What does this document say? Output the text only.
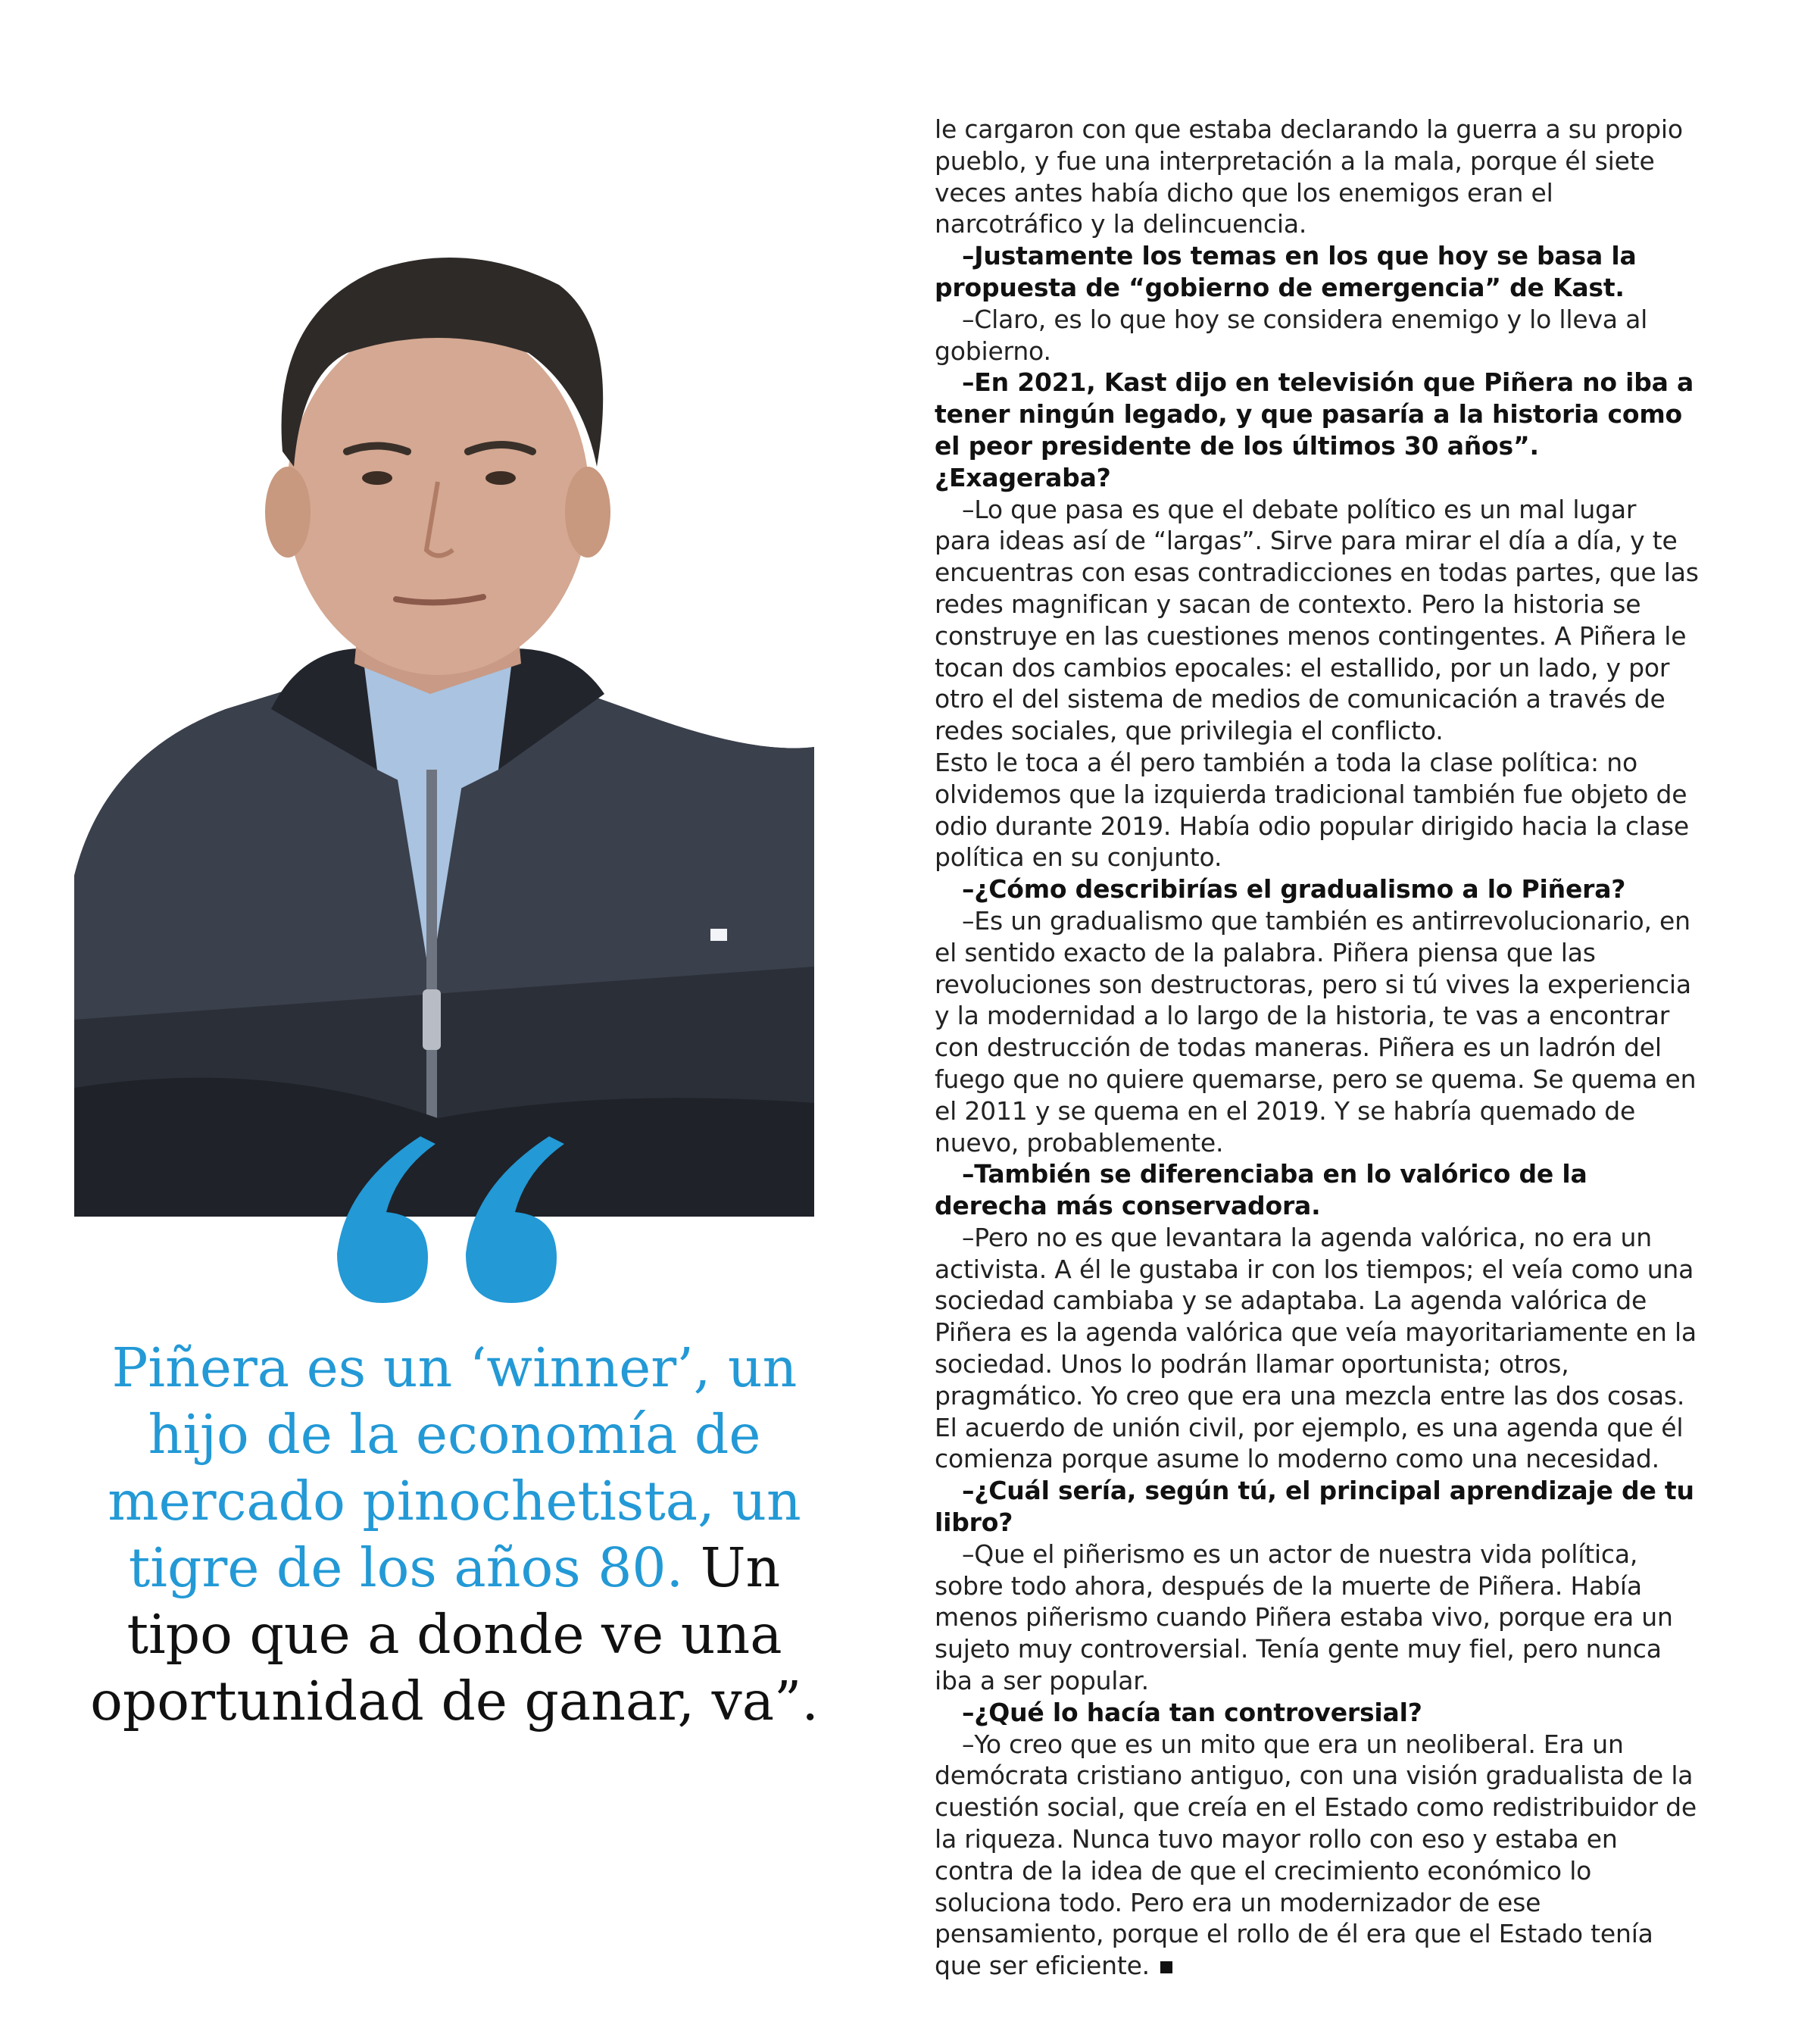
Piñera es un ‘winner’, un hijo de la economía de mercado pinochetista, un tigre de los años 80. Un tipo que a donde ve una oportunidad de ganar, va”.

le cargaron con que estaba declarando la guerra a su propio pueblo, y fue una interpretación a la mala, porque él siete veces antes había dicho que los enemigos eran el narcotráfico y la delincuencia.

–Justamente los temas en los que hoy se basa la propuesta de “gobierno de emergencia” de Kast.

–Claro, es lo que hoy se considera enemigo y lo lleva al gobierno.

–En 2021, Kast dijo en televisión que Piñera no iba a tener ningún legado, y que pasaría a la historia como el peor presidente de los últimos 30 años”. ¿Exageraba?

–Lo que pasa es que el debate político es un mal lugar para ideas así de “largas”. Sirve para mirar el día a día, y te encuentras con esas contradicciones en todas partes, que las redes magnifican y sacan de contexto. Pero la historia se construye en las cuestiones menos contingentes. A Piñera le tocan dos cambios epocales: el estallido, por un lado, y por otro el del sistema de medios de comunicación a través de redes sociales, que privilegia el conflicto.

Esto le toca a él pero también a toda la clase política: no olvidemos que la izquierda tradicional también fue objeto de odio durante 2019. Había odio popular dirigido hacia la clase política en su conjunto.

–¿Cómo describirías el gradualismo a lo Piñera?

–Es un gradualismo que también es antirrevolucionario, en el sentido exacto de la palabra. Piñera piensa que las revoluciones son destructoras, pero si tú vives la experiencia y la modernidad a lo largo de la historia, te vas a encontrar con destrucción de todas maneras. Piñera es un ladrón del fuego que no quiere quemarse, pero se quema. Se quema en el 2011 y se quema en el 2019. Y se habría quemado de nuevo, probablemente.

–También se diferenciaba en lo valórico de la derecha más conservadora.

–Pero no es que levantara la agenda valórica, no era un activista. A él le gustaba ir con los tiempos; el veía como una sociedad cambiaba y se adaptaba. La agenda valórica de Piñera es la agenda valórica que veía mayoritariamente en la sociedad. Unos lo podrán llamar oportunista; otros, pragmático. Yo creo que era una mezcla entre las dos cosas. El acuerdo de unión civil, por ejemplo, es una agenda que él comienza porque asume lo moderno como una necesidad.

–¿Cuál sería, según tú, el principal aprendizaje de tu libro?

–Que el piñerismo es un actor de nuestra vida política, sobre todo ahora, después de la muerte de Piñera. Había menos piñerismo cuando Piñera estaba vivo, porque era un sujeto muy controversial. Tenía gente muy fiel, pero nunca iba a ser popular.

–¿Qué lo hacía tan controversial?

–Yo creo que es un mito que era un neoliberal. Era un demócrata cristiano antiguo, con una visión gradualista de la cuestión social, que creía en el Estado como redistribuidor de la riqueza. Nunca tuvo mayor rollo con eso y estaba en contra de la idea de que el crecimiento económico lo soluciona todo. Pero era un modernizador de ese pensamiento, porque el rollo de él era que el Estado tenía que ser eficiente.
